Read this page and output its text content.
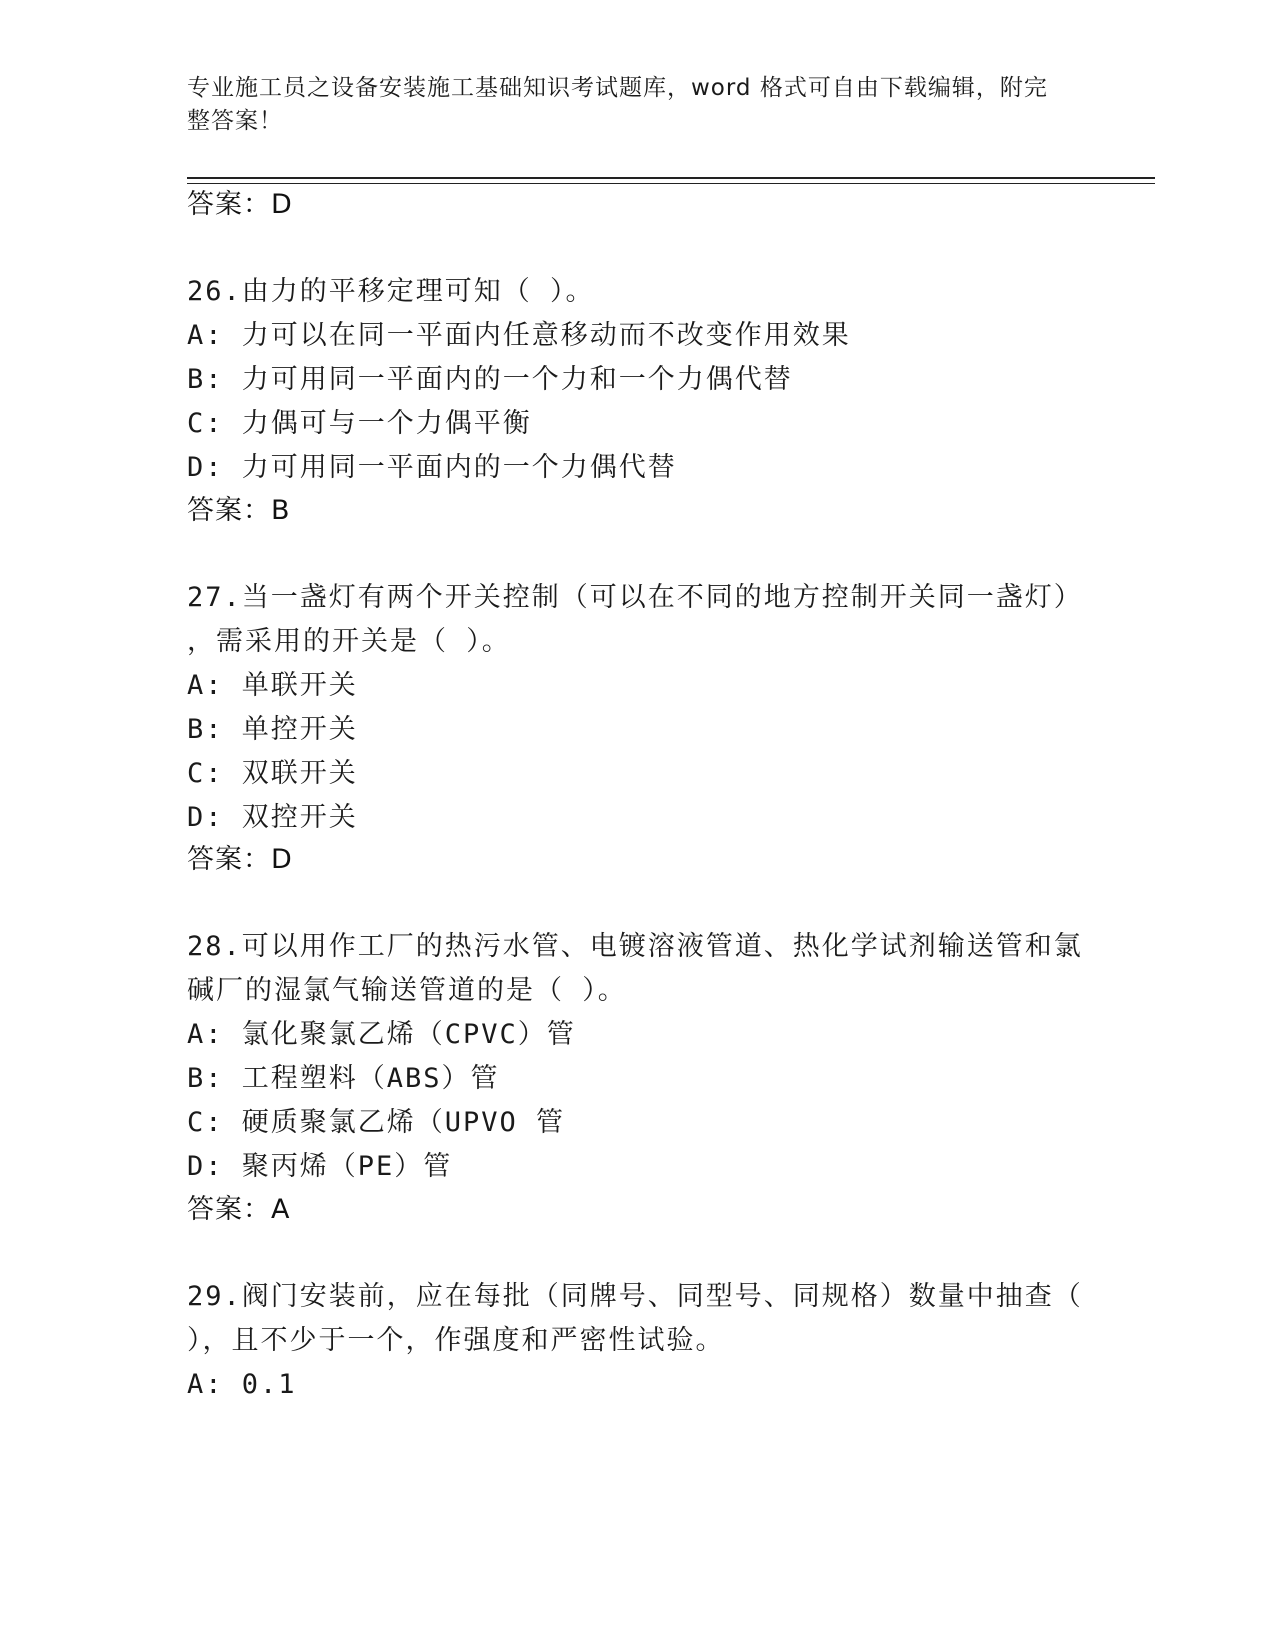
专业施工员之设备安装施工基础知识考试题库，word 格式可自由下载编辑，附完整答案！
答案：D
26.由力的平移定理可知（ ）。
A: 力可以在同一平面内任意移动而不改变作用效果
B: 力可用同一平面内的一个力和一个力偶代替
C: 力偶可与一个力偶平衡
D: 力可用同一平面内的一个力偶代替
答案：B
27.当一盏灯有两个开关控制（可以在不同的地方控制开关同一盏灯）
，需采用的开关是（ ）。
A: 单联开关
B: 单控开关
C: 双联开关
D: 双控开关
答案：D
28.可以用作工厂的热污水管、电镀溶液管道、热化学试剂输送管和氯
碱厂的湿氯气输送管道的是（ ）。
A: 氯化聚氯乙烯（CPVC）管
B: 工程塑料（ABS）管
C: 硬质聚氯乙烯（UPVO 管
D: 聚丙烯（PE）管
答案：A
29.阀门安装前，应在每批（同牌号、同型号、同规格）数量中抽查（
），且不少于一个，作强度和严密性试验。
A: 0.1
